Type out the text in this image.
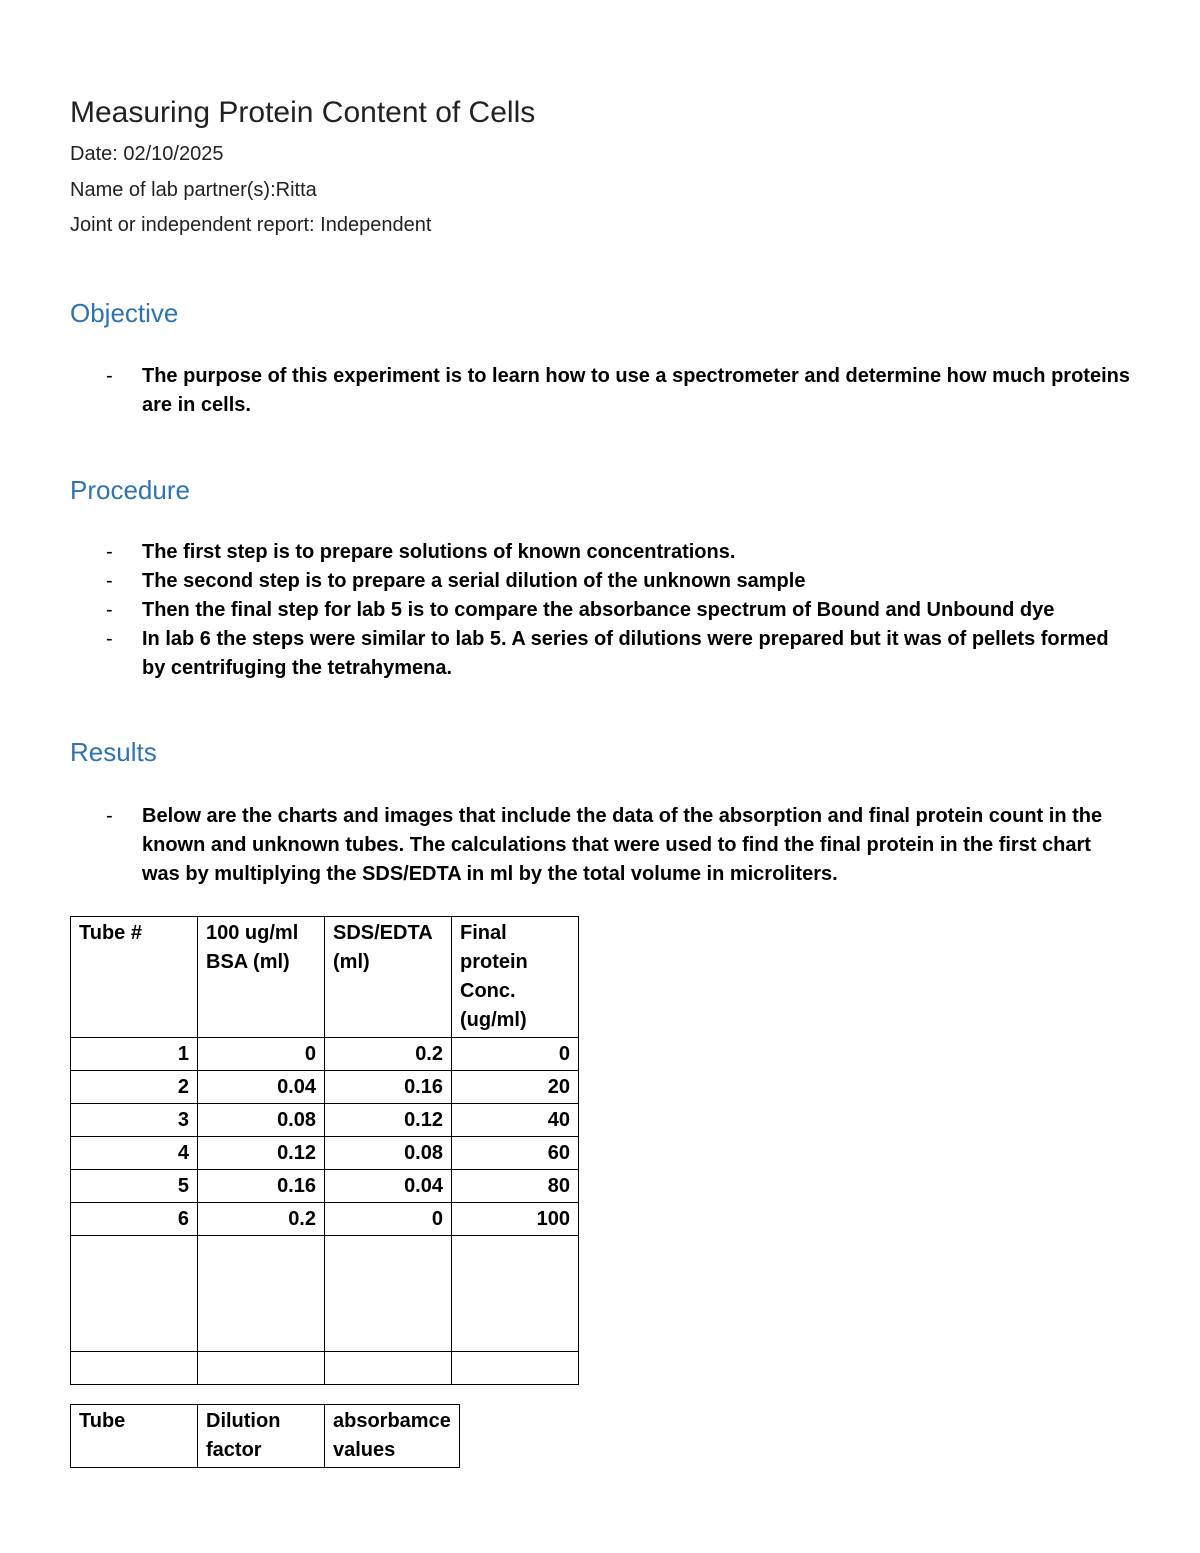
Measuring Protein Content of Cells

Date: 02/10/2025

Name of lab partner(s):Ritta

Joint or independent report: Independent

Objective
- The purpose of this experiment is to learn how to use a spectrometer and determine how much proteins are in cells.
Procedure
- The first step is to prepare solutions of known concentrations.
- The second step is to prepare a serial dilution of the unknown sample
- Then the final step for lab 5 is to compare the absorbance spectrum of Bound and Unbound dye
- In lab 6 the steps were similar to lab 5. A series of dilutions were prepared but it was of pellets formed by centrifuging the tetrahymena.
Results
- Below are the charts and images that include the data of the absorption and final protein count in the known and unknown tubes. The calculations that were used to find the final protein in the first chart was by multiplying the SDS/EDTA in ml by the total volume in microliters.
Tube #	100 ug/ml BSA (ml)	SDS/EDTA (ml)	Final protein Conc. (ug/ml)
1	0	0.2	0
2	0.04	0.16	20
3	0.08	0.12	40
4	0.12	0.08	60
5	0.16	0.04	80
6	0.2	0	100

Tube	Dilution factor	absorbamce values
